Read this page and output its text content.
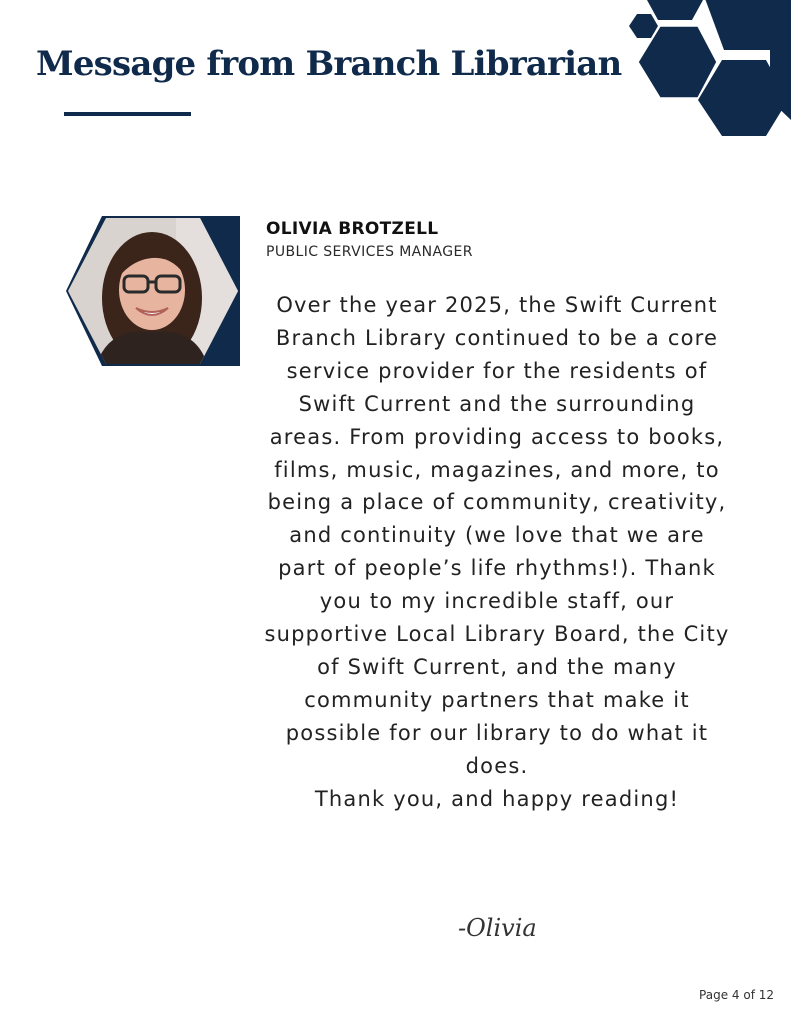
Message from Branch Librarian
OLIVIA BROTZELL
PUBLIC SERVICES MANAGER

Over the year 2025, the Swift Current Branch Library continued to be a core service provider for the residents of Swift Current and the surrounding areas. From providing access to books, films, music, magazines, and more, to being a place of community, creativity, and continuity (we love that we are part of people’s life rhythms!). Thank you to my incredible staff, our supportive Local Library Board, the City of Swift Current, and the many community partners that make it possible for our library to do what it does.

Thank you, and happy reading!

-Olivia
Page 4 of 12
